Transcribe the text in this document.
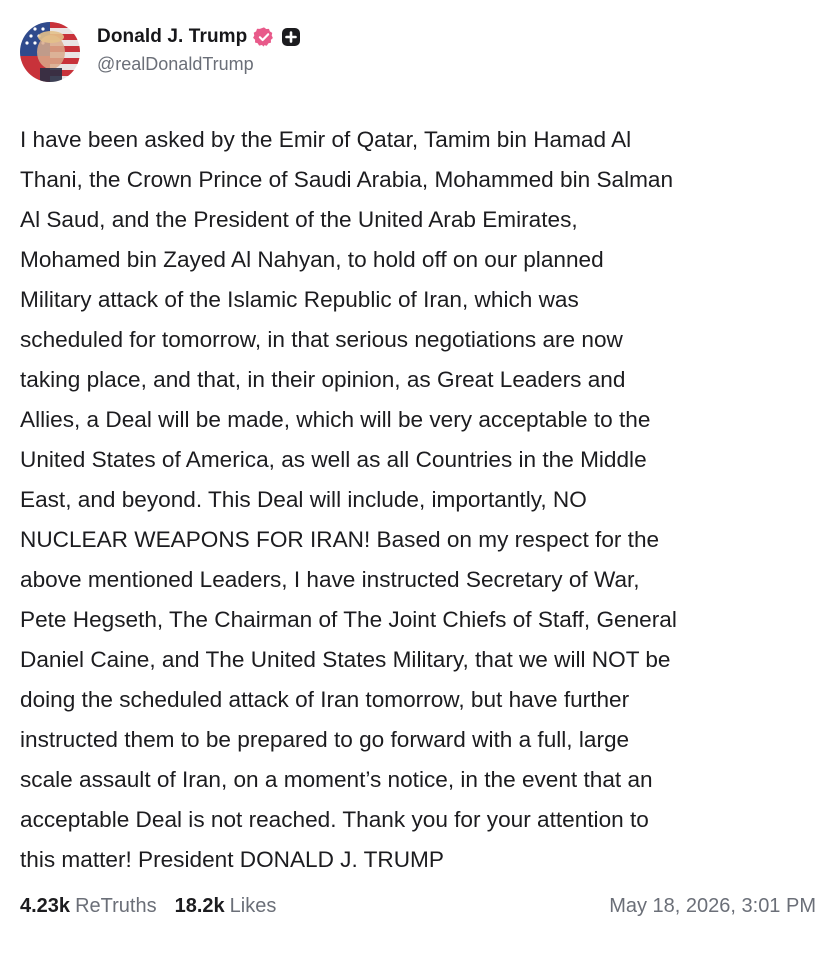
Donald J. Trump
@realDonaldTrump

I have been asked by the Emir of Qatar, Tamim bin Hamad Al
Thani, the Crown Prince of Saudi Arabia, Mohammed bin Salman
Al Saud, and the President of the United Arab Emirates,
Mohamed bin Zayed Al Nahyan, to hold off on our planned
Military attack of the Islamic Republic of Iran, which was
scheduled for tomorrow, in that serious negotiations are now
taking place, and that, in their opinion, as Great Leaders and
Allies, a Deal will be made, which will be very acceptable to the
United States of America, as well as all Countries in the Middle
East, and beyond. This Deal will include, importantly, NO
NUCLEAR WEAPONS FOR IRAN! Based on my respect for the
above mentioned Leaders, I have instructed Secretary of War,
Pete Hegseth, The Chairman of The Joint Chiefs of Staff, General
Daniel Caine, and The United States Military, that we will NOT be
doing the scheduled attack of Iran tomorrow, but have further
instructed them to be prepared to go forward with a full, large
scale assault of Iran, on a moment’s notice, in the event that an
acceptable Deal is not reached. Thank you for your attention to
this matter! President DONALD J. TRUMP

4.23k ReTruths 18.2k Likes	May 18, 2026, 3:01 PM
